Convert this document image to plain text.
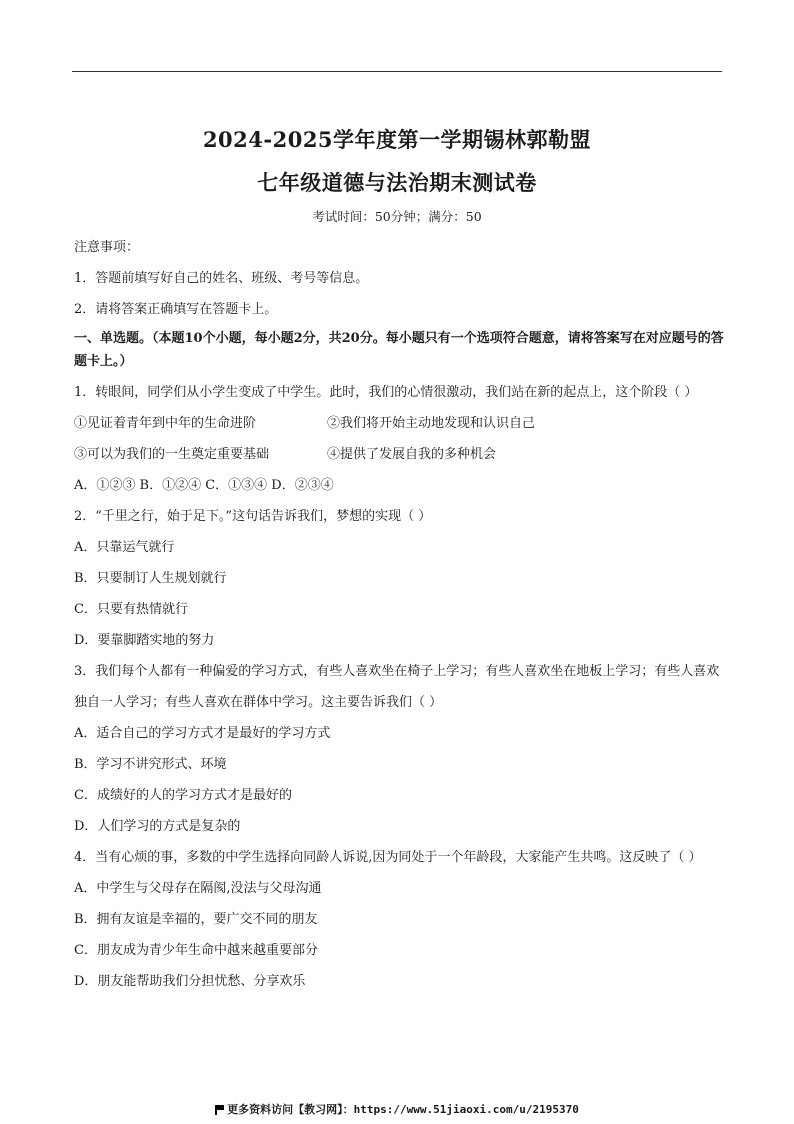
2024-2025学年度第一学期锡林郭勒盟
七年级道德与法治期末测试卷
考试时间：50分钟；满分：50
注意事项：
1．答题前填写好自己的姓名、班级、考号等信息。
2．请将答案正确填写在答题卡上。
一、单选题。（本题10个小题，每小题2分，共20分。每小题只有一个选项符合题意，请将答案写在对应题号的答题卡上。）
1．转眼间，同学们从小学生变成了中学生。此时，我们的心情很激动，我们站在新的起点上，这个阶段（ ）
①见证着青年到中年的生命进阶	②我们将开始主动地发现和认识自己
③可以为我们的一生奠定重要基础	④提供了发展自我的多种机会
A．①②③ B．①②④ C．①③④ D．②③④
2．“千里之行，始于足下。”这句话告诉我们，梦想的实现（ ）
A．只靠运气就行
B．只要制订人生规划就行
C．只要有热情就行
D．要靠脚踏实地的努力
3．我们每个人都有一种偏爱的学习方式，有些人喜欢坐在椅子上学习；有些人喜欢坐在地板上学习；有些人喜欢独自一人学习；有些人喜欢在群体中学习。这主要告诉我们（ ）
A．适合自己的学习方式才是最好的学习方式
B．学习不讲究形式、环境
C．成绩好的人的学习方式才是最好的
D．人们学习的方式是复杂的
4．当有心烦的事，多数的中学生选择向同龄人诉说,因为同处于一个年龄段，大家能产生共鸣。这反映了（ ）
A．中学生与父母存在隔阂,没法与父母沟通
B．拥有友谊是幸福的，要广交不同的朋友
C．朋友成为青少年生命中越来越重要部分
D．朋友能帮助我们分担忧愁、分享欢乐
更多资料访问【教习网】：https://www.51jiaoxi.com/u/2195370
